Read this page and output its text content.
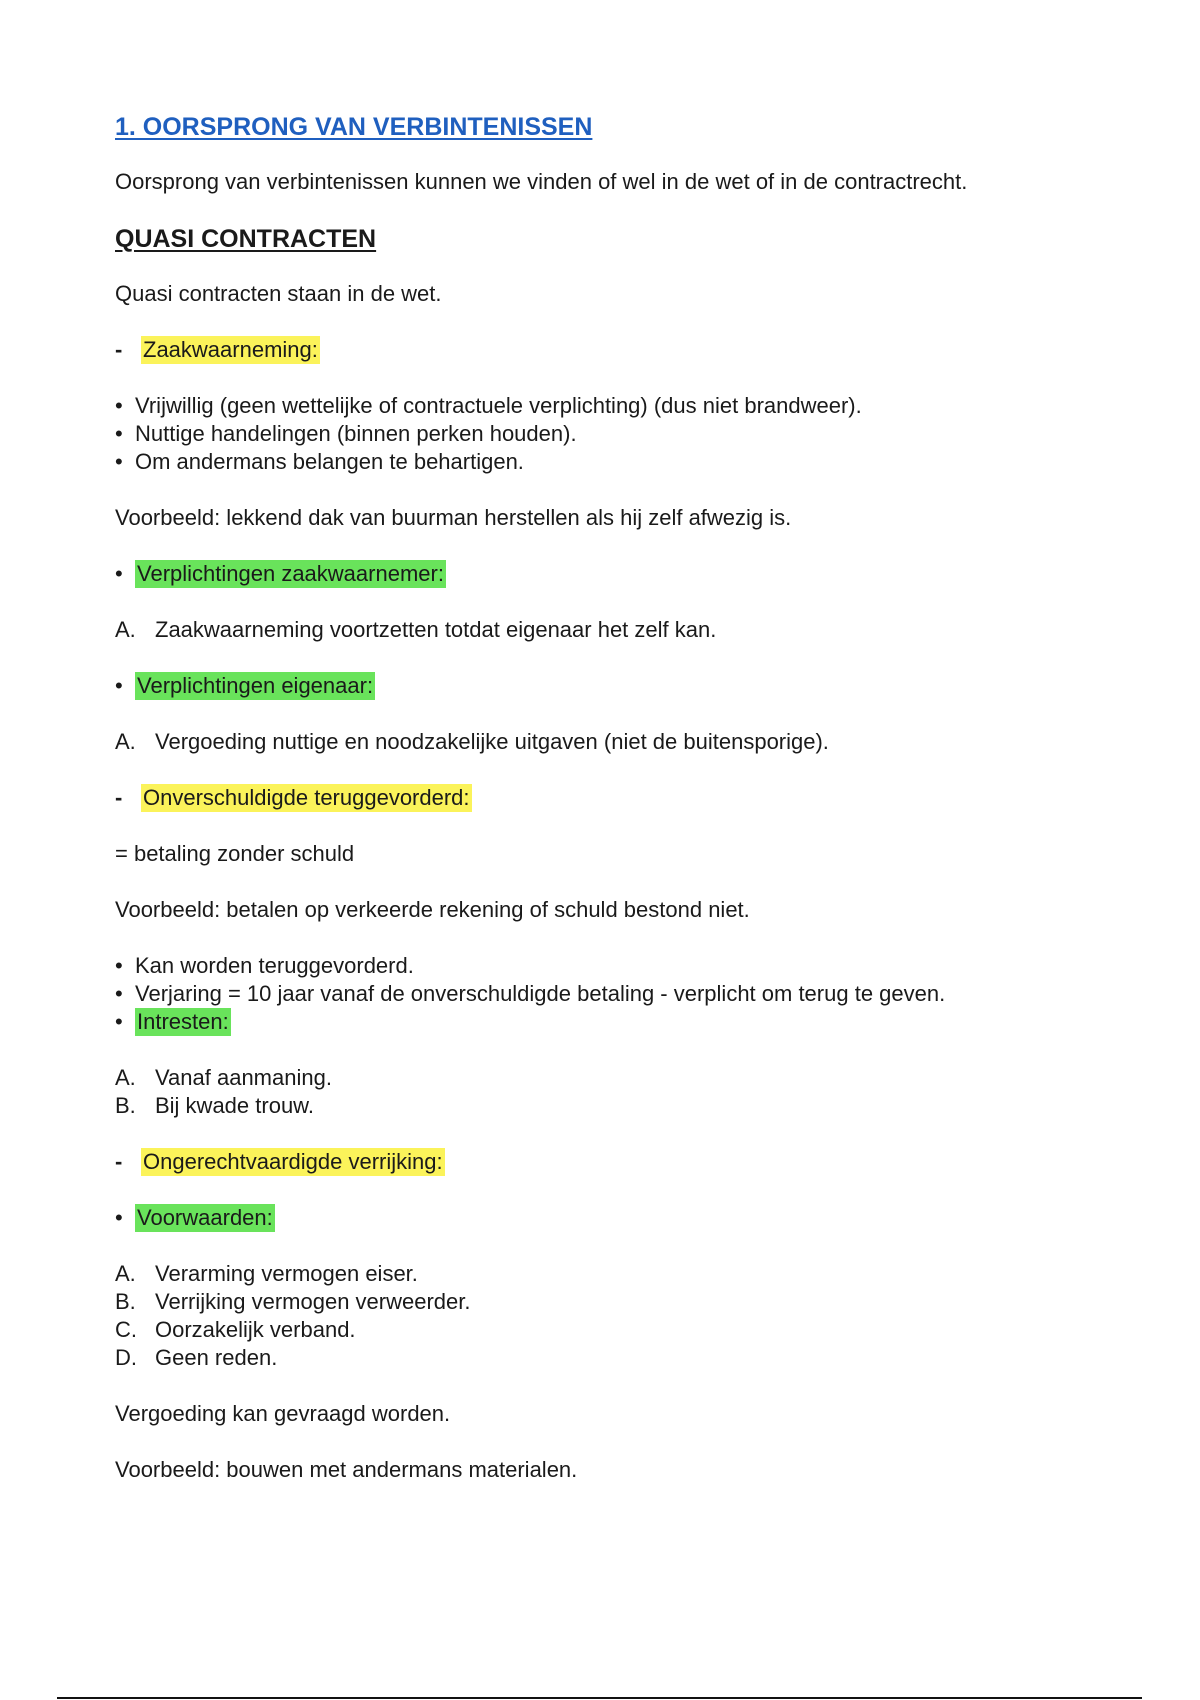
1. OORSPRONG VAN VERBINTENISSEN

Oorsprong van verbintenissen kunnen we vinden of wel in de wet of in de contractrecht.

QUASI CONTRACTEN

Quasi contracten staan in de wet.

- Zaakwaarneming:
• Vrijwillig (geen wettelijke of contractuele verplichting) (dus niet brandweer).
• Nuttige handelingen (binnen perken houden).
• Om andermans belangen te behartigen.

Voorbeeld: lekkend dak van buurman herstellen als hij zelf afwezig is.

• Verplichtingen zaakwaarnemer:
A. Zaakwaarneming voortzetten totdat eigenaar het zelf kan.
• Verplichtingen eigenaar:
A. Vergoeding nuttige en noodzakelijke uitgaven (niet de buitensporige).
- Onverschuldigde teruggevorderd:

= betaling zonder schuld

Voorbeeld: betalen op verkeerde rekening of schuld bestond niet.

• Kan worden teruggevorderd.
• Verjaring = 10 jaar vanaf de onverschuldigde betaling - verplicht om terug te geven.
• Intresten:
A. Vanaf aanmaning.
B. Bij kwade trouw.
- Ongerechtvaardigde verrijking:
• Voorwaarden:
A. Verarming vermogen eiser.
B. Verrijking vermogen verweerder.
C. Oorzakelijk verband.
D. Geen reden.

Vergoeding kan gevraagd worden.

Voorbeeld: bouwen met andermans materialen.
